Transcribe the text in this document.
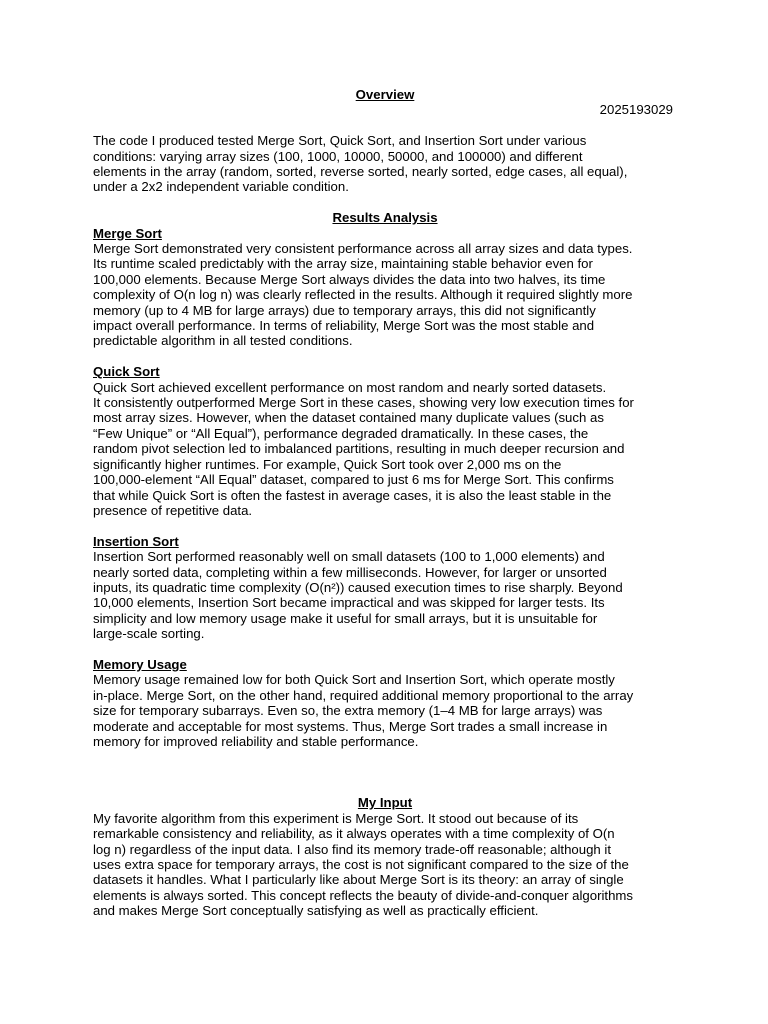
Overview
2025193029

The code I produced tested Merge Sort, Quick Sort, and Insertion Sort under various
conditions: varying array sizes (100, 1000, 10000, 50000, and 100000) and different
elements in the array (random, sorted, reverse sorted, nearly sorted, edge cases, all equal),
under a 2x2 independent variable condition.

Results Analysis
Merge Sort

Merge Sort demonstrated very consistent performance across all array sizes and data types.
Its runtime scaled predictably with the array size, maintaining stable behavior even for
100,000 elements. Because Merge Sort always divides the data into two halves, its time
complexity of O(n log n) was clearly reflected in the results. Although it required slightly more
memory (up to 4 MB for large arrays) due to temporary arrays, this did not significantly
impact overall performance. In terms of reliability, Merge Sort was the most stable and
predictable algorithm in all tested conditions.

Quick Sort

Quick Sort achieved excellent performance on most random and nearly sorted datasets.
It consistently outperformed Merge Sort in these cases, showing very low execution times for
most array sizes. However, when the dataset contained many duplicate values (such as
“Few Unique” or “All Equal”), performance degraded dramatically. In these cases, the
random pivot selection led to imbalanced partitions, resulting in much deeper recursion and
significantly higher runtimes. For example, Quick Sort took over 2,000 ms on the
100,000-element “All Equal” dataset, compared to just 6 ms for Merge Sort. This confirms
that while Quick Sort is often the fastest in average cases, it is also the least stable in the
presence of repetitive data.

Insertion Sort

Insertion Sort performed reasonably well on small datasets (100 to 1,000 elements) and
nearly sorted data, completing within a few milliseconds. However, for larger or unsorted
inputs, its quadratic time complexity (O(n²)) caused execution times to rise sharply. Beyond
10,000 elements, Insertion Sort became impractical and was skipped for larger tests. Its
simplicity and low memory usage make it useful for small arrays, but it is unsuitable for
large-scale sorting.

Memory Usage

Memory usage remained low for both Quick Sort and Insertion Sort, which operate mostly
in-place. Merge Sort, on the other hand, required additional memory proportional to the array
size for temporary subarrays. Even so, the extra memory (1–4 MB for large arrays) was
moderate and acceptable for most systems. Thus, Merge Sort trades a small increase in
memory for improved reliability and stable performance.

My Input

My favorite algorithm from this experiment is Merge Sort. It stood out because of its
remarkable consistency and reliability, as it always operates with a time complexity of O(n
log n) regardless of the input data. I also find its memory trade-off reasonable; although it
uses extra space for temporary arrays, the cost is not significant compared to the size of the
datasets it handles. What I particularly like about Merge Sort is its theory: an array of single
elements is always sorted. This concept reflects the beauty of divide-and-conquer algorithms
and makes Merge Sort conceptually satisfying as well as practically efficient.
